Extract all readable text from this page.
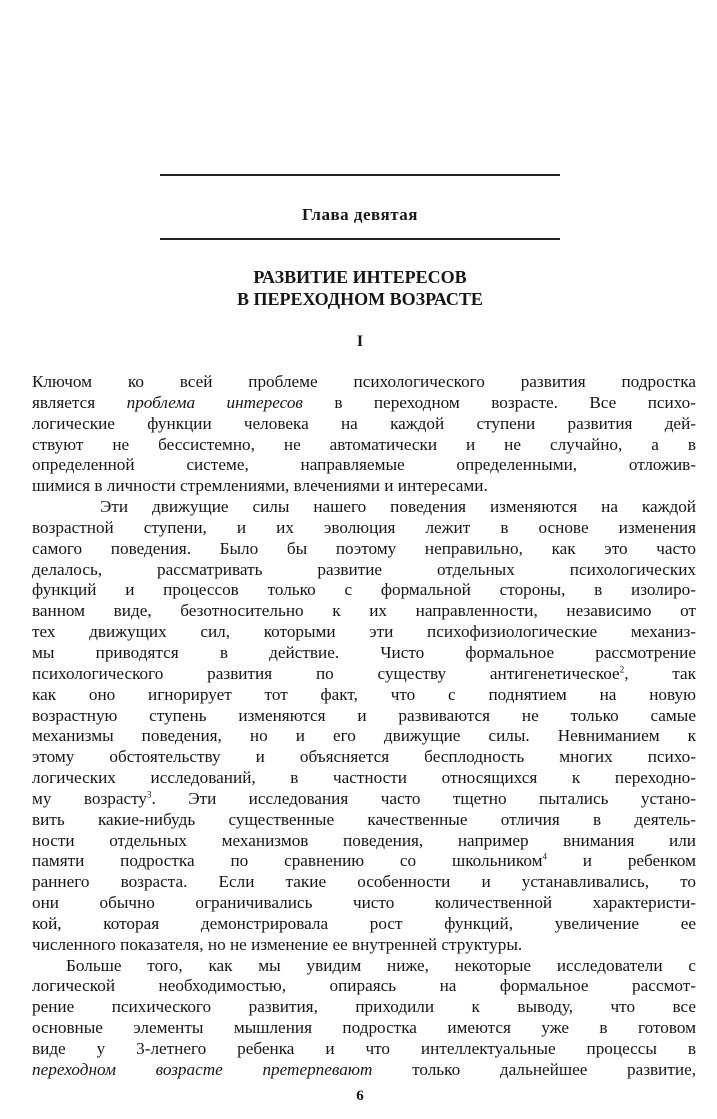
Глава девятая
РАЗВИТИЕ ИНТЕРЕСОВ
В ПЕРЕХОДНОМ ВОЗРАСТЕ
I

Ключом ко всей проблеме психологического развития подростка
является проблема интересов в переходном возрасте. Все психо-
логические функции человека на каждой ступени развития дей-
ствуют не бессистемно, не автоматически и не случайно, а в
определенной системе, направляемые определенными, отложив-
шимися в личности стремлениями, влечениями и интересами.

Эти движущие силы нашего поведения изменяются на каждой
возрастной ступени, и их эволюция лежит в основе изменения
самого поведения. Было бы поэтому неправильно, как это часто
делалось, рассматривать развитие отдельных психологических
функций и процессов только с формальной стороны, в изолиро-
ванном виде, безотносительно к их направленности, независимо от
тех движущих сил, которыми эти психофизиологические механиз-
мы приводятся в действие. Чисто формальное рассмотрение
психологического развития по существу антигенетическое$^2$, так
как оно игнорирует тот факт, что с поднятием на новую
возрастную ступень изменяются и развиваются не только самые
механизмы поведения, но и его движущие силы. Невниманием к
этому обстоятельству и объясняется бесплодность многих психо-
логических исследований, в частности относящихся к переходно-
му возрасту$^3$. Эти исследования часто тщетно пытались устано-
вить какие-нибудь существенные качественные отличия в деятель-
ности отдельных механизмов поведения, например внимания или
памяти подростка по сравнению со школьником$^4$ и ребенком
раннего возраста. Если такие особенности и устанавливались, то
они обычно ограничивались чисто количественной характеристи-
кой, которая демонстрировала рост функций, увеличение ее
численного показателя, но не изменение ее внутренней структуры.

Больше того, как мы увидим ниже, некоторые исследователи с
логической необходимостью, опираясь на формальное рассмот-
рение психического развития, приходили к выводу, что все
основные элементы мышления подростка имеются уже в готовом
виде у 3-летнего ребенка и что интеллектуальные процессы в
переходном возрасте претерпевают только дальнейшее развитие,

6
